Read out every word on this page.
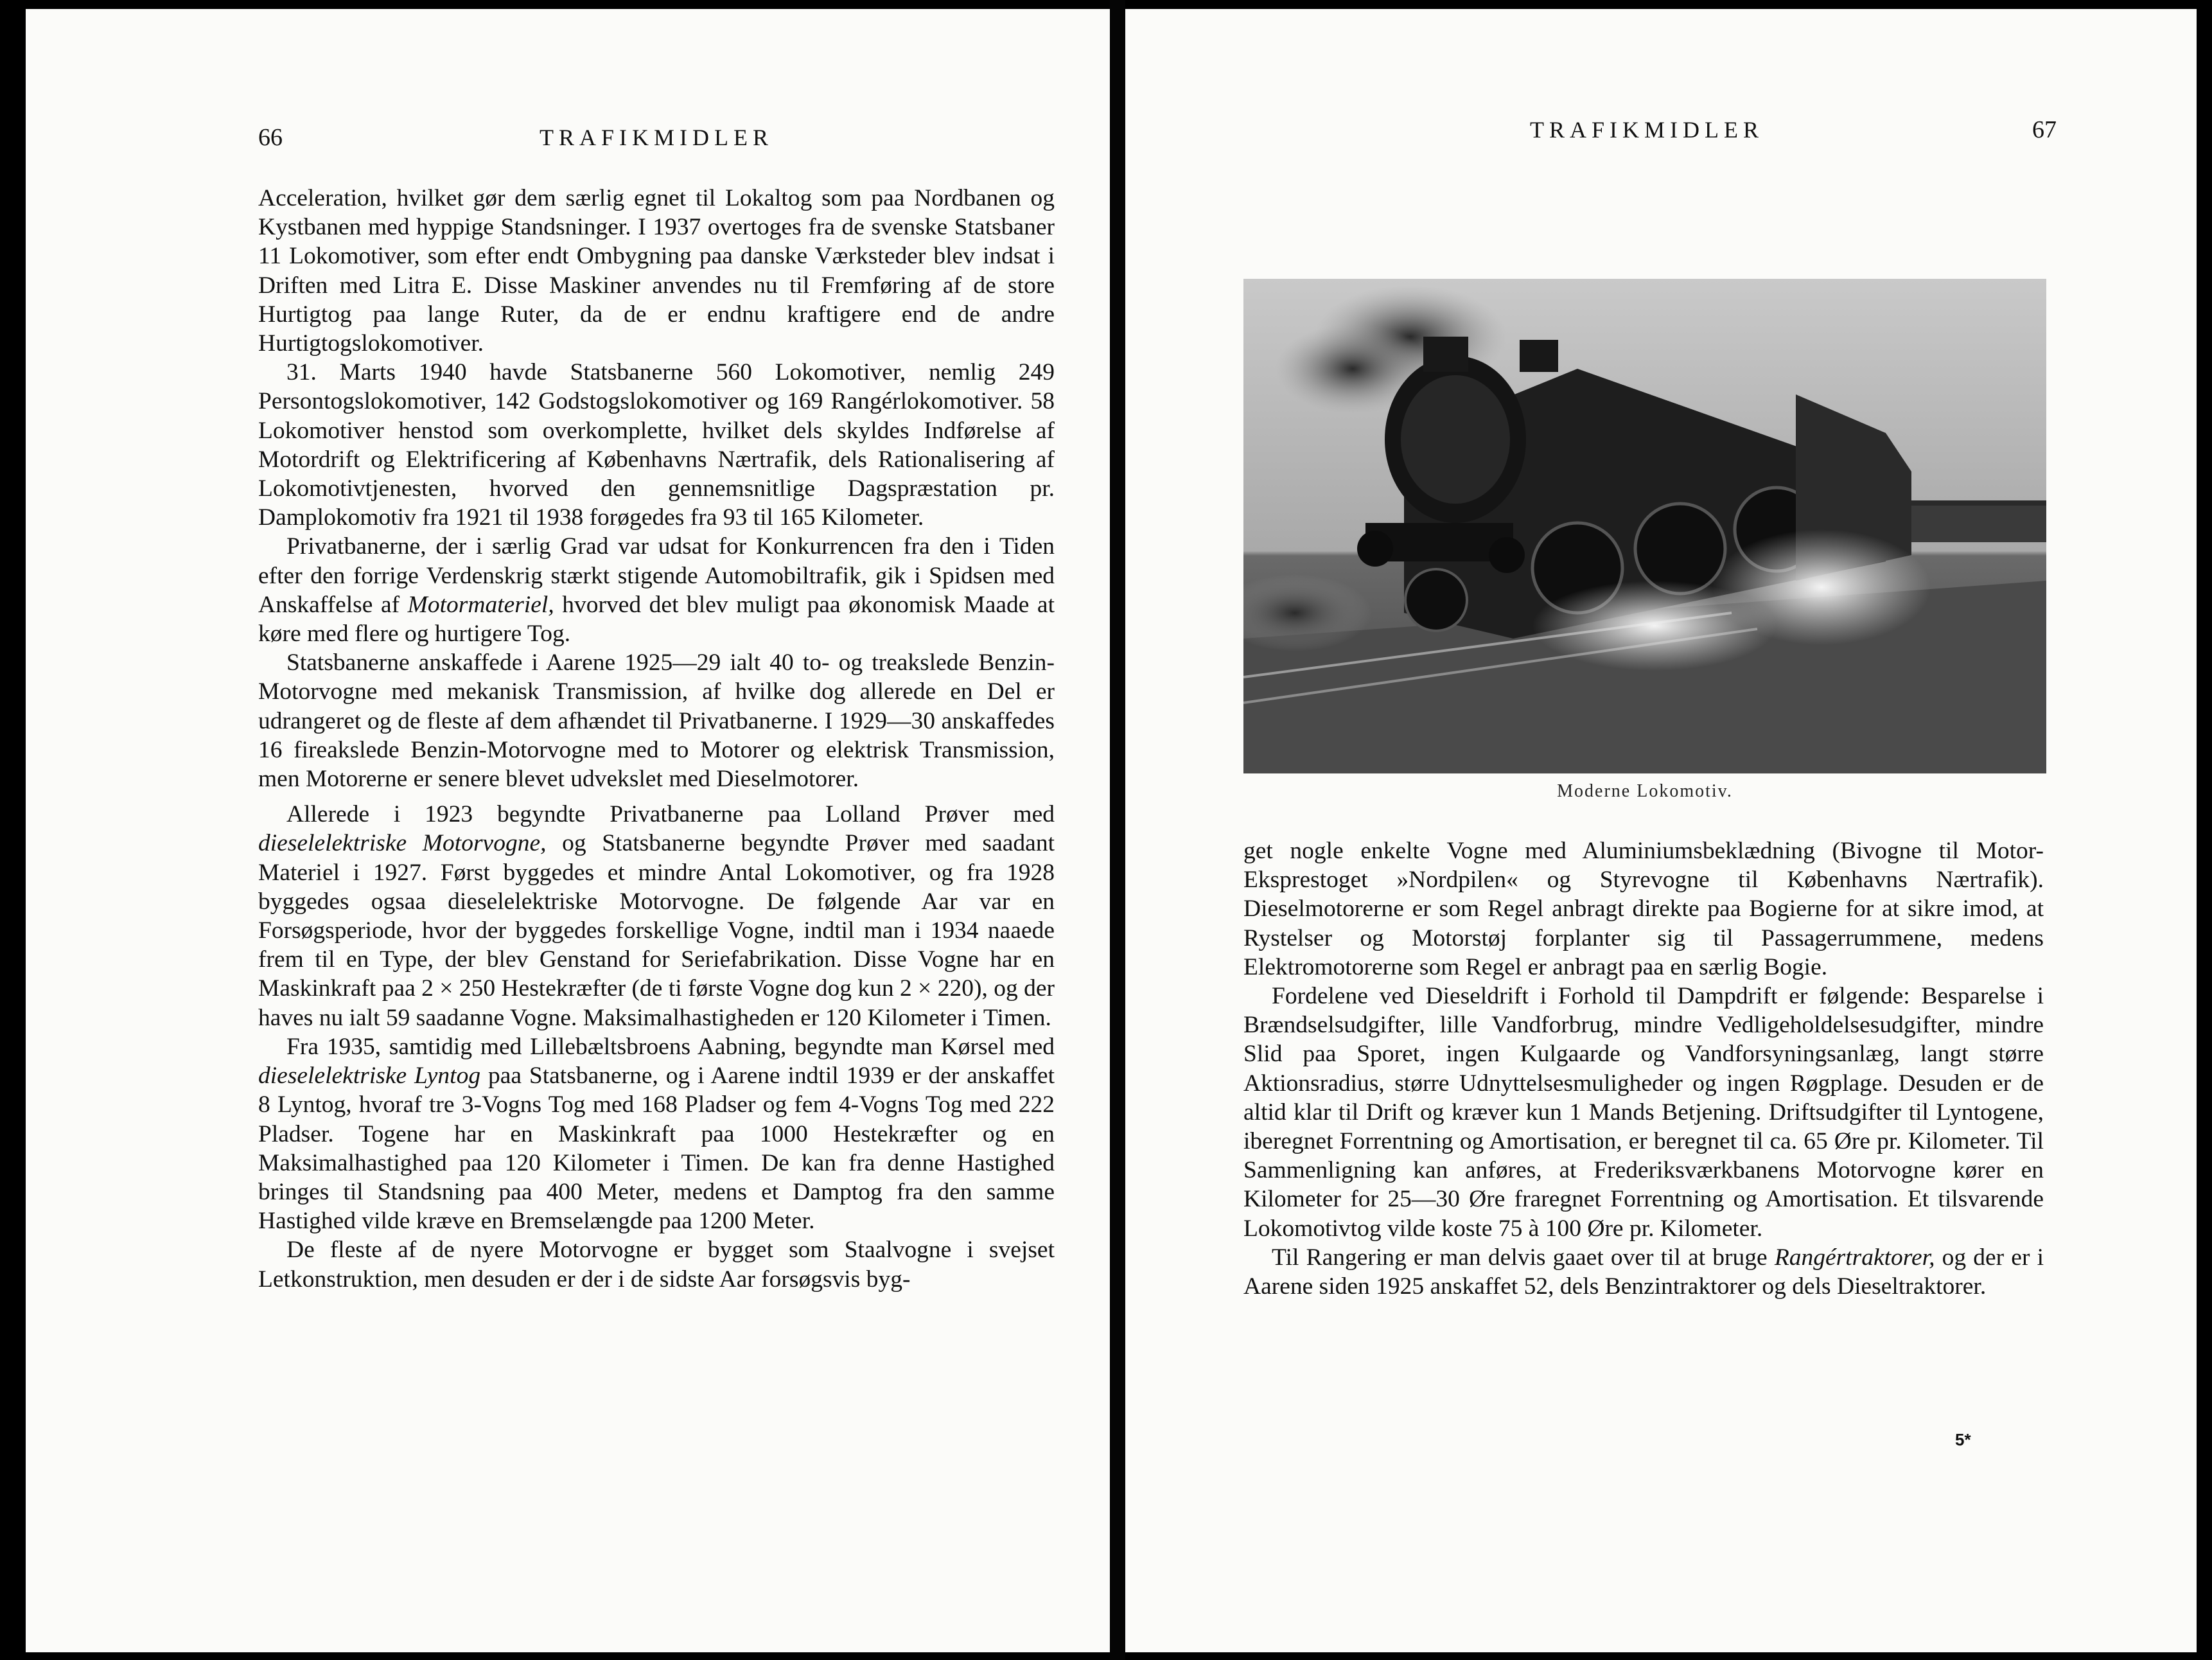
66	TRAFIKMIDLER

Acceleration, hvilket gør dem særlig egnet til Lokaltog som paa Nordbanen og Kystbanen med hyppige Standsninger. I 1937 overtoges fra de svenske Statsbaner 11 Lokomotiver, som efter endt Ombygning paa danske Værksteder blev indsat i Driften med Litra E. Disse Maskiner anvendes nu til Fremføring af de store Hurtigtog paa lange Ruter, da de er endnu kraftigere end de andre Hurtigtogslokomotiver.

31. Marts 1940 havde Statsbanerne 560 Lokomotiver, nemlig 249 Persontogslokomotiver, 142 Godstogslokomotiver og 169 Rangérlokomotiver. 58 Lokomotiver henstod som overkomplette, hvilket dels skyldes Indførelse af Motordrift og Elektrificering af Københavns Nærtrafik, dels Rationalisering af Lokomotivtjenesten, hvorved den gennemsnitlige Dagspræstation pr. Damplokomotiv fra 1921 til 1938 forøgedes fra 93 til 165 Kilometer.

Privatbanerne, der i særlig Grad var udsat for Konkurrencen fra den i Tiden efter den forrige Verdenskrig stærkt stigende Automobiltrafik, gik i Spidsen med Anskaffelse af Motormateriel, hvorved det blev muligt paa økonomisk Maade at køre med flere og hurtigere Tog.

Statsbanerne anskaffede i Aarene 1925—29 ialt 40 to- og treakslede Benzin-Motorvogne med mekanisk Transmission, af hvilke dog allerede en Del er udrangeret og de fleste af dem afhændet til Privatbanerne. I 1929—30 anskaffedes 16 fireakslede Benzin-Motorvogne med to Motorer og elektrisk Transmission, men Motorerne er senere blevet udvekslet med Dieselmotorer.

Allerede i 1923 begyndte Privatbanerne paa Lolland Prøver med dieselelektriske Motorvogne, og Statsbanerne begyndte Prøver med saadant Materiel i 1927. Først byggedes et mindre Antal Lokomotiver, og fra 1928 byggedes ogsaa dieselelektriske Motorvogne. De følgende Aar var en Forsøgsperiode, hvor der byggedes forskellige Vogne, indtil man i 1934 naaede frem til en Type, der blev Genstand for Seriefabrikation. Disse Vogne har en Maskinkraft paa 2 × 250 Hestekræfter (de ti første Vogne dog kun 2 × 220), og der haves nu ialt 59 saadanne Vogne. Maksimalhastigheden er 120 Kilometer i Timen.

Fra 1935, samtidig med Lillebæltsbroens Aabning, begyndte man Kørsel med dieselelektriske Lyntog paa Statsbanerne, og i Aarene indtil 1939 er der anskaffet 8 Lyntog, hvoraf tre 3-Vogns Tog med 168 Pladser og fem 4-Vogns Tog med 222 Pladser. Togene har en Maskinkraft paa 1000 Hestekræfter og en Maksimalhastighed paa 120 Kilometer i Timen. De kan fra denne Hastighed bringes til Standsning paa 400 Meter, medens et Damptog fra den samme Hastighed vilde kræve en Bremselængde paa 1200 Meter.

De fleste af de nyere Motorvogne er bygget som Staalvogne i svejset Letkonstruktion, men desuden er der i de sidste Aar forsøgsvis byg-

TRAFIKMIDLER	67
Moderne Lokomotiv.

get nogle enkelte Vogne med Aluminiumsbeklædning (Bivogne til Motor-Eksprestoget »Nordpilen« og Styrevogne til Københavns Nærtrafik). Dieselmotorerne er som Regel anbragt direkte paa Bogierne for at sikre imod, at Rystelser og Motorstøj forplanter sig til Passagerrummene, medens Elektromotorerne som Regel er anbragt paa en særlig Bogie.

Fordelene ved Dieseldrift i Forhold til Dampdrift er følgende: Besparelse i Brændselsudgifter, lille Vandforbrug, mindre Vedligeholdelsesudgifter, mindre Slid paa Sporet, ingen Kulgaarde og Vandforsyningsanlæg, langt større Aktionsradius, større Udnyttelsesmuligheder og ingen Røgplage. Desuden er de altid klar til Drift og kræver kun 1 Mands Betjening. Driftsudgifter til Lyntogene, iberegnet Forrentning og Amortisation, er beregnet til ca. 65 Øre pr. Kilometer. Til Sammenligning kan anføres, at Frederiksværkbanens Motorvogne kører en Kilometer for 25—30 Øre fraregnet Forrentning og Amortisation. Et tilsvarende Lokomotivtog vilde koste 75 à 100 Øre pr. Kilometer.

Til Rangering er man delvis gaaet over til at bruge Rangértraktorer, og der er i Aarene siden 1925 anskaffet 52, dels Benzintraktorer og dels Dieseltraktorer.

5*
